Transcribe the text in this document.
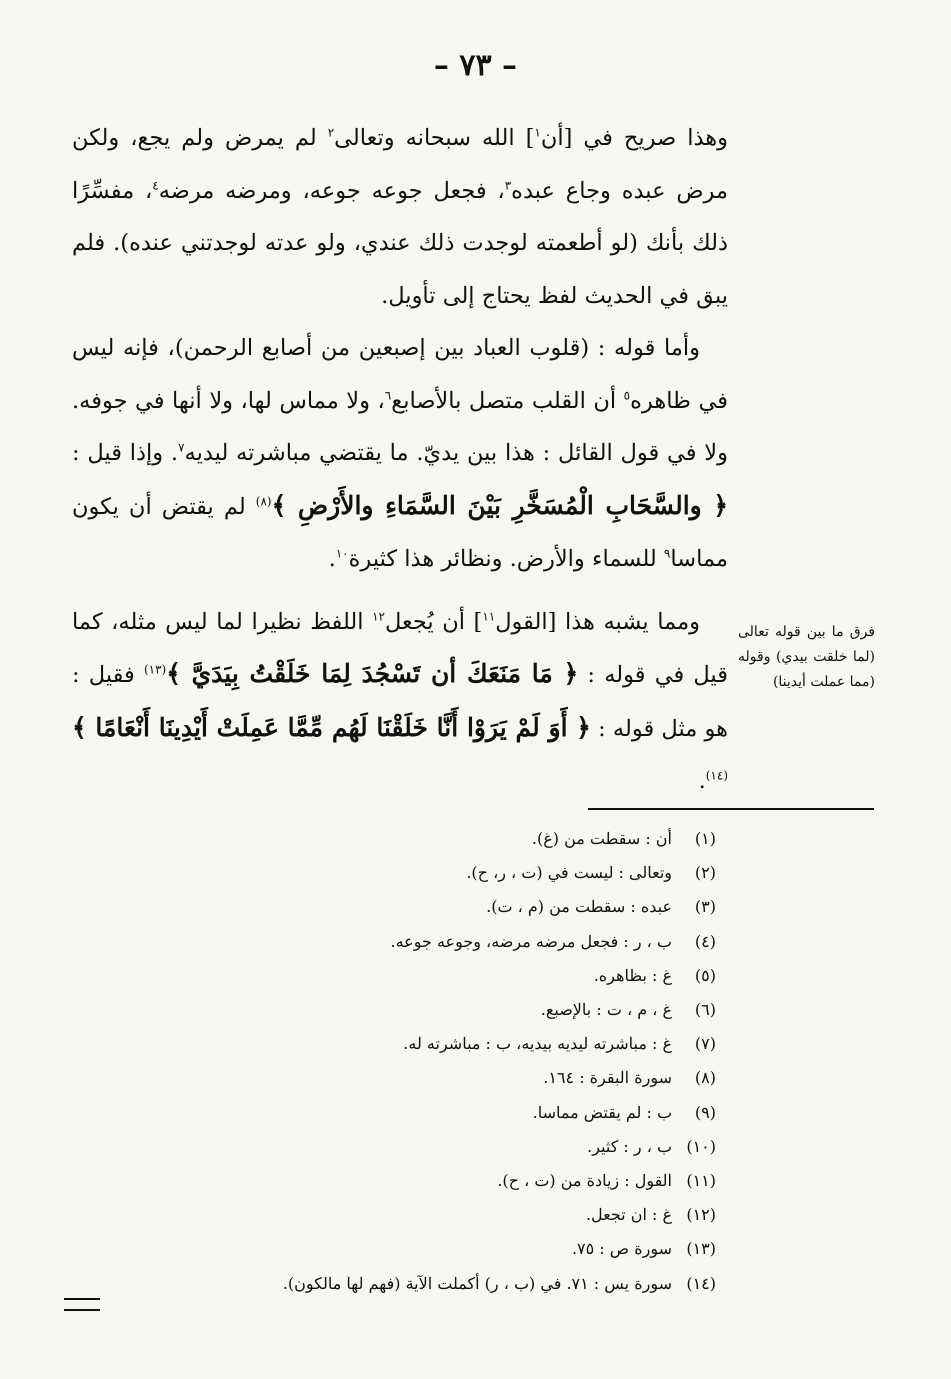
– ٧٣ –

وهذا صريح في [أن$^١$] الله سبحانه وتعالى$^٢$ لم يمرض ولم يجع، ولكن مرض عبده وجاع عبده$^٣$، فجعل جوعه جوعه، ومرضه مرضه$^٤$، مفسِّرًا ذلك بأنك (لو أطعمته لوجدت ذلك عندي، ولو عدته لوجدتني عنده). فلم يبق في الحديث لفظ يحتاج إلى تأويل.

وأما قوله : (قلوب العباد بين إصبعين من أصابع الرحمن)، فإنه ليس في ظاهره$^٥$ أن القلب متصل بالأصابع$^٦$، ولا مماس لها، ولا أنها في جوفه. ولا في قول القائل : هذا بين يديّ. ما يقتضي مباشرته ليديه$^٧$. وإذا قيل : ﴿ والسَّحَابِ الْمُسَخَّرِ بَيْنَ السَّمَاءِ والأَرْضِ ﴾$^{(٨)}$ لم يقتض أن يكون مماسا$^٩$ للسماء والأرض. ونظائر هذا كثيرة$^{١٠}$.

ومما يشبه هذا [القول$^{١١}$] أن يُجعل$^{١٢}$ اللفظ نظيرا لما ليس مثله، كما قيل في قوله : ﴿ مَا مَنَعَكَ أن تَسْجُدَ لِمَا خَلَقْتُ بِيَدَيَّ ﴾$^{(١٣)}$ فقيل : هو مثل قوله : ﴿ أَوَ لَمْ يَرَوْا أَنَّا خَلَقْنَا لَهُم مِّمَّا عَمِلَتْ أَيْدِينَا أَنْعَامًا ﴾$^{(١٤)}$.

فرق ما بين قوله تعالى (لما خلقت بيدي) وقوله (مما عملت أيدينا)
(١)
أن : سقطت من (غ).
(٢)
وتعالى : ليست في (ت ، ر، ح).
(٣)
عبده : سقطت من (م ، ت).
(٤)
ب ، ر : فجعل مرضه مرضه، وجوعه جوعه.
(٥)
غ : بظاهره.
(٦)
غ ، م ، ت : بالإصبع.
(٧)
غ : مباشرته ليديه بيديه، ب : مباشرته له.
(٨)
سورة البقرة : ١٦٤.
(٩)
ب : لم يقتض مماسا.
(١٠)
ب ، ر : كثير.
(١١)
القول : زيادة من (ت ، ح).
(١٢)
غ : ان تجعل.
(١٣)
سورة ص : ٧٥.
(١٤)
سورة يس : ٧١. في (ب ، ر) أكملت الآية (فهم لها مالكون).
